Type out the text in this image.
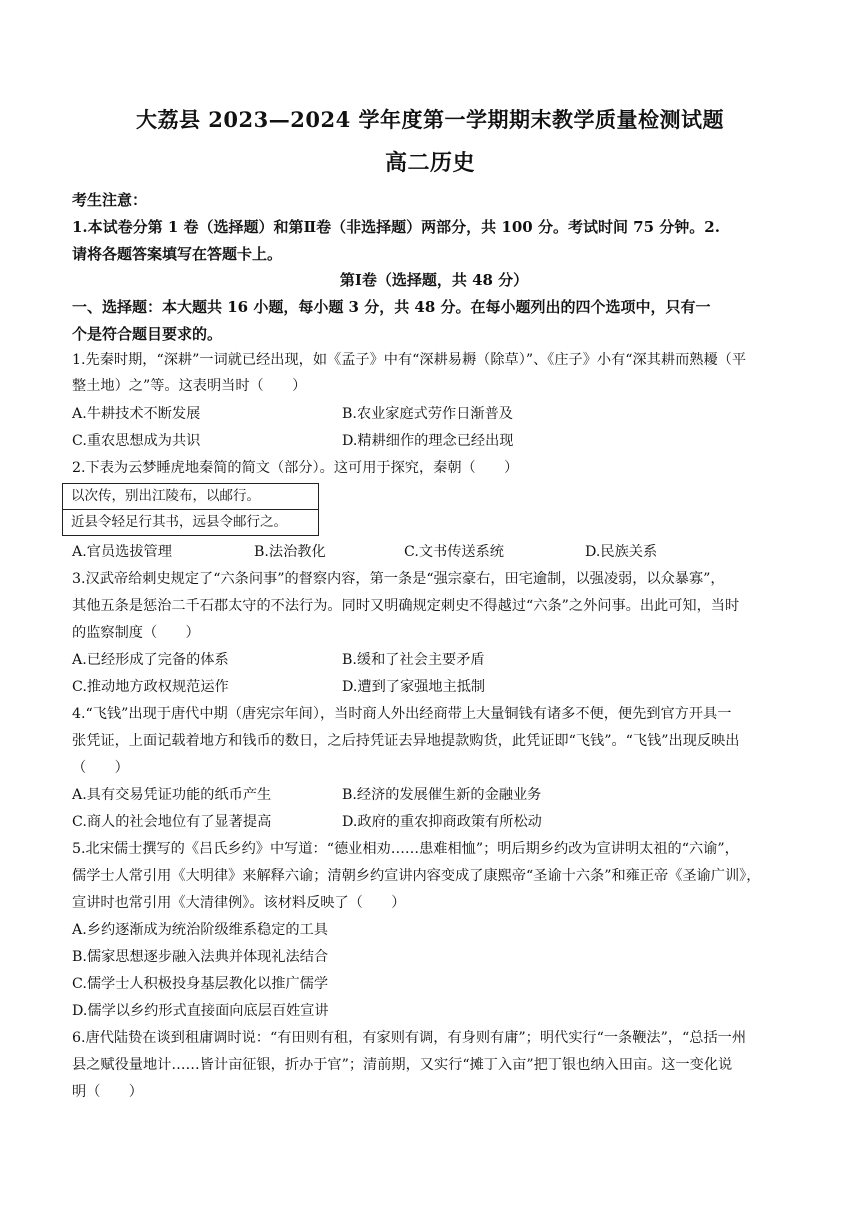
大荔县 2023—2024 学年度第一学期期末教学质量检测试题
高二历史
考生注意：
1.本试卷分第 1 卷（选择题）和第Ⅱ卷（非选择题）两部分，共 100 分。考试时间 75 分钟。2.
请将各题答案填写在答题卡上。
第Ⅰ卷（选择题，共 48 分）
一、选择题：本大题共 16 小题，每小题 3 分，共 48 分。在每小题列出的四个选项中，只有一
个是符合题目要求的。
1.先秦时期，“深耕”一词就已经出现，如《孟子》中有“深耕易耨（除草）”、《庄子》小有“深其耕而熟耰（平
整土地）之”等。这表明当时（　　）
A.牛耕技术不断发展	B.农业家庭式劳作日渐普及
C.重农思想成为共识	D.精耕细作的理念已经出现
2.下表为云梦睡虎地秦简的简文（部分）。这可用于探究，秦朝（　　）
以次传，别出江陵布，以邮行。
近县令轻足行其书，远县令邮行之。
A.官员选拔管理	B.法治教化	C.文书传送系统	D.民族关系
3.汉武帝给刺史规定了“六条问事”的督察内容，第一条是“强宗豪右，田宅逾制，以强凌弱，以众暴寡”，
其他五条是惩治二千石郡太守的不法行为。同时又明确规定刺史不得越过“六条”之外问事。出此可知，当时
的监察制度（　　）
A.已经形成了完备的体系	B.缓和了社会主要矛盾
C.推动地方政权规范运作	D.遭到了家强地主抵制
4.“飞钱”出现于唐代中期（唐宪宗年间），当时商人外出经商带上大量铜钱有诸多不便，便先到官方开具一
张凭证，上面记载着地方和钱币的数日，之后持凭证去异地提款购货，此凭证即“飞钱”。“飞钱”出现反映出
（　　）
A.具有交易凭证功能的纸币产生	B.经济的发展催生新的金融业务
C.商人的社会地位有了显著提高	D.政府的重农抑商政策有所松动
5.北宋儒士撰写的《吕氏乡约》中写道：“德业相劝……患难相恤”；明后期乡约改为宣讲明太祖的“六谕”，
儒学士人常引用《大明律》来解释六谕；清朝乡约宣讲内容变成了康熙帝“圣谕十六条”和雍正帝《圣谕广训》，
宣讲时也常引用《大清律例》。该材料反映了（　　）
A.乡约逐渐成为统治阶级维系稳定的工具
B.儒家思想逐步融入法典并体现礼法结合
C.儒学士人积极投身基层教化以推广儒学
D.儒学以乡约形式直接面向底层百姓宣讲
6.唐代陆贽在谈到租庸调时说：“有田则有租，有家则有调，有身则有庸”；明代实行“一条鞭法”，“总括一州
县之赋役量地计……皆计亩征银，折办于官”；清前期，又实行“摊丁入亩”把丁银也纳入田亩。这一变化说
明（　　）
